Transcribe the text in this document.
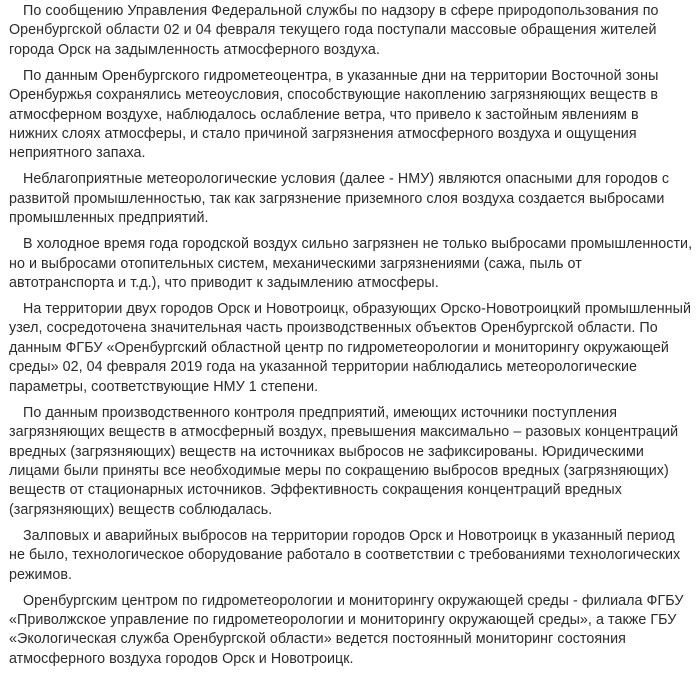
По сообщению Управления Федеральной службы по надзору в сфере природопользования по
Оренбургской области 02 и 04 февраля текущего года поступали массовые обращения жителей
города Орск на задымленность атмосферного воздуха.

По данным Оренбургского гидрометеоцентра, в указанные дни на территории Восточной зоны
Оренбуржья сохранялись метеоусловия, способствующие накоплению загрязняющих веществ в
атмосферном воздухе, наблюдалось ослабление ветра, что привело к застойным явлениям в
нижних слоях атмосферы, и стало причиной загрязнения атмосферного воздуха и ощущения
неприятного запаха.

Неблагоприятные метеорологические условия (далее - НМУ) являются опасными для городов с
развитой промышленностью, так как загрязнение приземного слоя воздуха создается выбросами
промышленных предприятий.

В холодное время года городской воздух сильно загрязнен не только выбросами промышленности,
но и выбросами отопительных систем, механическими загрязнениями (сажа, пыль от
автотранспорта и т.д.), что приводит к задымлению атмосферы.

На территории двух городов Орск и Новотроицк, образующих Орско-Новотроицкий промышленный
узел, сосредоточена значительная часть производственных объектов Оренбургской области. По
данным ФГБУ «Оренбургский областной центр по гидрометеорологии и мониторингу окружающей
среды» 02, 04 февраля 2019 года на указанной территории наблюдались метеорологические
параметры, соответствующие НМУ 1 степени.

По данным производственного контроля предприятий, имеющих источники поступления
загрязняющих веществ в атмосферный воздух, превышения максимально – разовых концентраций
вредных (загрязняющих) веществ на источниках выбросов не зафиксированы. Юридическими
лицами были приняты все необходимые меры по сокращению выбросов вредных (загрязняющих)
веществ от стационарных источников. Эффективность сокращения концентраций вредных
(загрязняющих) веществ соблюдалась.

Залповых и аварийных выбросов на территории городов Орск и Новотроицк в указанный период
не было, технологическое оборудование работало в соответствии с требованиями технологических
режимов.

Оренбургским центром по гидрометеорологии и мониторингу окружающей среды - филиала ФГБУ
«Приволжское управление по гидрометеорологии и мониторингу окружающей среды», а также ГБУ
«Экологическая служба Оренбургской области» ведется постоянный мониторинг состояния
атмосферного воздуха городов Орск и Новотроицк.
